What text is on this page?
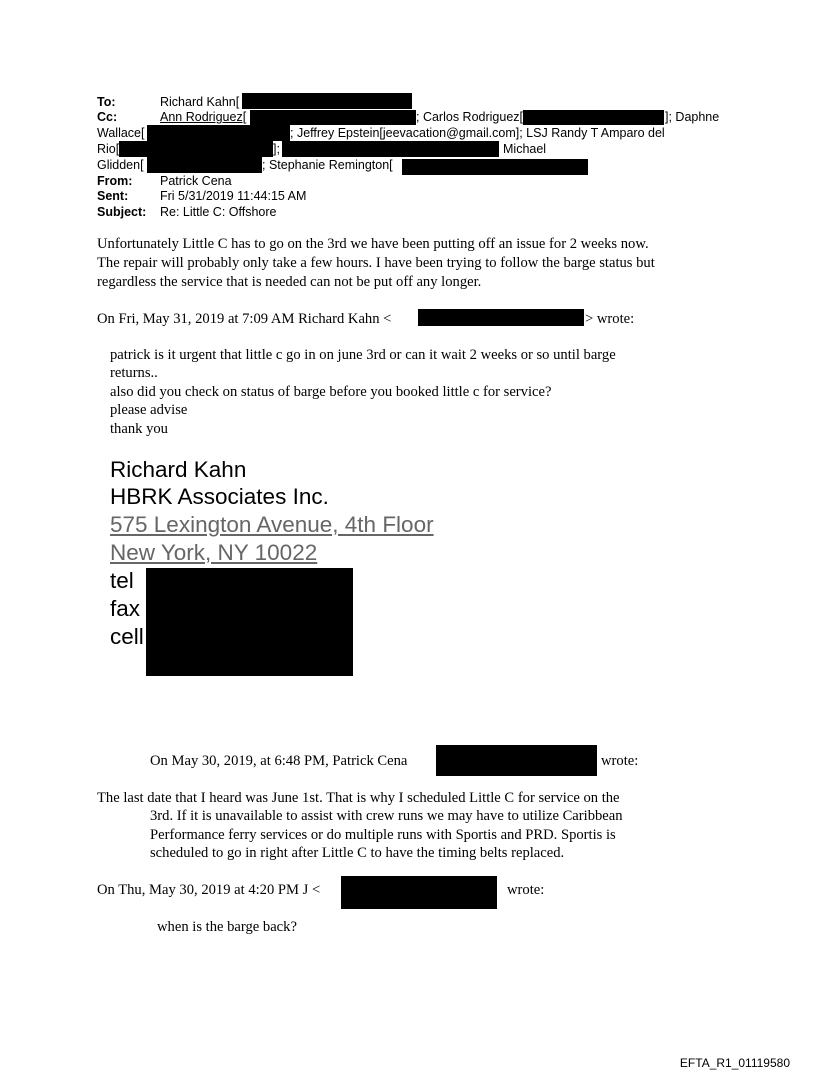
To:	Richard Kahn[
Cc:	Ann Rodriguez[	; Carlos Rodriguez[	]; Daphne
Wallace[	; Jeffrey Epstein[jeevacation@gmail.com]; LSJ Randy T Amparo del
Rio[	];	Michael
Glidden[	; Stephanie Remington[
From: Patrick Cena
Sent:	Fri 5/31/2019 11:44:15 AM
Subject: Re: Little C: Offshore
Unfortunately Little C has to go on the 3rd we have been putting off an issue for 2 weeks now.
The repair will probably only take a few hours. I have been trying to follow the barge status but
regardless the service that is needed can not be put off any longer.
On Fri, May 31, 2019 at 7:09 AM Richard Kahn <	> wrote:
patrick is it urgent that little c go in on june 3rd or can it wait 2 weeks or so until barge
returns..
also did you check on status of barge before you booked little c for service?
please advise
thank you
Richard Kahn
HBRK Associates Inc.
575 Lexington Avenue, 4th Floor
New York, NY 10022
tel
fax
cell
On May 30, 2019, at 6:48 PM, Patrick Cena	wrote:
The last date that I heard was June 1st. That is why I scheduled Little C for service on the
3rd. If it is unavailable to assist with crew runs we may have to utilize Caribbean
Performance ferry services or do multiple runs with Sportis and PRD. Sportis is
scheduled to go in right after Little C to have the timing belts replaced.
On Thu, May 30, 2019 at 4:20 PM J <	wrote:
when is the barge back?
EFTA_R1_01119580
